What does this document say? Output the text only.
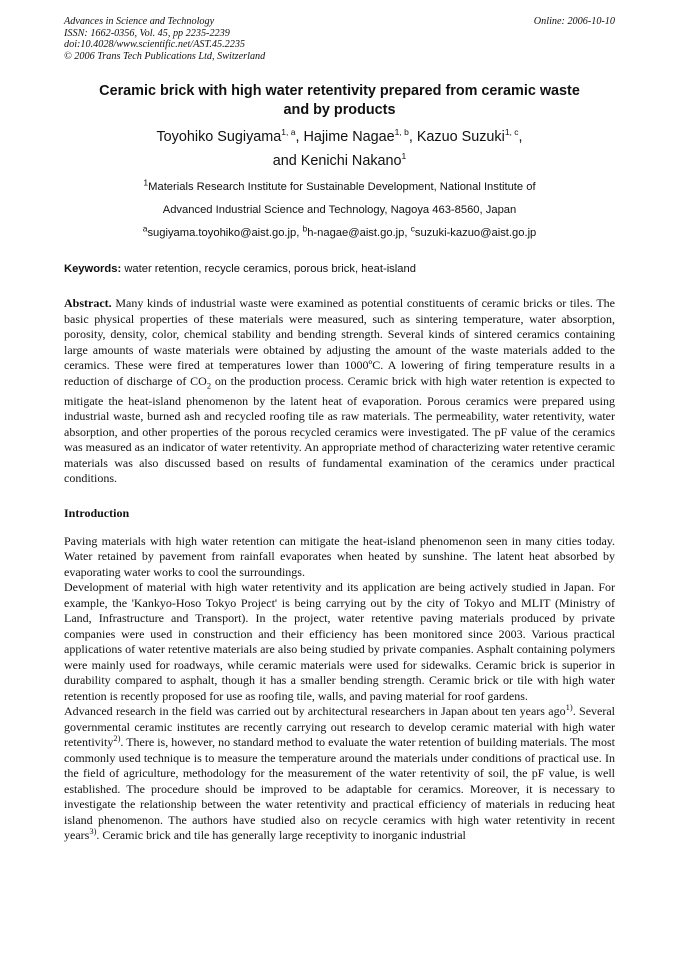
Advances in Science and Technology
ISSN: 1662-0356, Vol. 45, pp 2235-2239
doi:10.4028/www.scientific.net/AST.45.2235
© 2006 Trans Tech Publications Ltd, Switzerland
Online: 2006-10-10
Ceramic brick with high water retentivity prepared from ceramic waste and by products
Toyohiko Sugiyama$^{1, a}$, Hajime Nagae$^{1, b}$, Kazuo Suzuki$^{1, c}$,
and Kenichi Nakano$^1$
$^1$Materials Research Institute for Sustainable Development, National Institute of
Advanced Industrial Science and Technology, Nagoya 463-8560, Japan
$^a$sugiyama.toyohiko@aist.go.jp, $^b$h-nagae@aist.go.jp, $^c$suzuki-kazuo@aist.go.jp
Keywords: water retention, recycle ceramics, porous brick, heat-island
Abstract. Many kinds of industrial waste were examined as potential constituents of ceramic bricks or tiles. The basic physical properties of these materials were measured, such as sintering temperature, water absorption, porosity, density, color, chemical stability and bending strength. Several kinds of sintered ceramics containing large amounts of waste materials were obtained by adjusting the amount of the waste materials added to the ceramics. These were fired at temperatures lower than 1000ºC. A lowering of firing temperature results in a reduction of discharge of $CO_2$ on the production process. Ceramic brick with high water retention is expected to mitigate the heat-island phenomenon by the latent heat of evaporation. Porous ceramics were prepared using industrial waste, burned ash and recycled roofing tile as raw materials. The permeability, water retentivity, water absorption, and other properties of the porous recycled ceramics were investigated. The pF value of the ceramics was measured as an indicator of water retentivity. An appropriate method of characterizing water retentive ceramic materials was also discussed based on results of fundamental examination of the ceramics under practical conditions.
Introduction

Paving materials with high water retention can mitigate the heat-island phenomenon seen in many cities today. Water retained by pavement from rainfall evaporates when heated by sunshine. The latent heat absorbed by evaporating water works to cool the surroundings.

Development of material with high water retentivity and its application are being actively studied in Japan. For example, the 'Kankyo-Hoso Tokyo Project' is being carrying out by the city of Tokyo and MLIT (Ministry of Land, Infrastructure and Transport). In the project, water retentive paving materials produced by private companies were used in construction and their efficiency has been monitored since 2003. Various practical applications of water retentive materials are also being studied by private companies. Asphalt containing polymers were mainly used for roadways, while ceramic materials were used for sidewalks. Ceramic brick is superior in durability compared to asphalt, though it has a smaller bending strength. Ceramic brick or tile with high water retention is recently proposed for use as roofing tile, walls, and paving material for roof gardens.

Advanced research in the field was carried out by architectural researchers in Japan about ten years ago$^{1)}$. Several governmental ceramic institutes are recently carrying out research to develop ceramic material with high water retentivity$^{2)}$. There is, however, no standard method to evaluate the water retention of building materials. The most commonly used technique is to measure the temperature around the materials under conditions of practical use. In the field of agriculture, methodology for the measurement of the water retentivity of soil, the pF value, is well established. The procedure should be improved to be adaptable for ceramics. Moreover, it is necessary to investigate the relationship between the water retentivity and practical efficiency of materials in reducing heat island phenomenon. The authors have studied also on recycle ceramics with high water retentivity in recent years$^{3)}$. Ceramic brick and tile has generally large receptivity to inorganic industrial
